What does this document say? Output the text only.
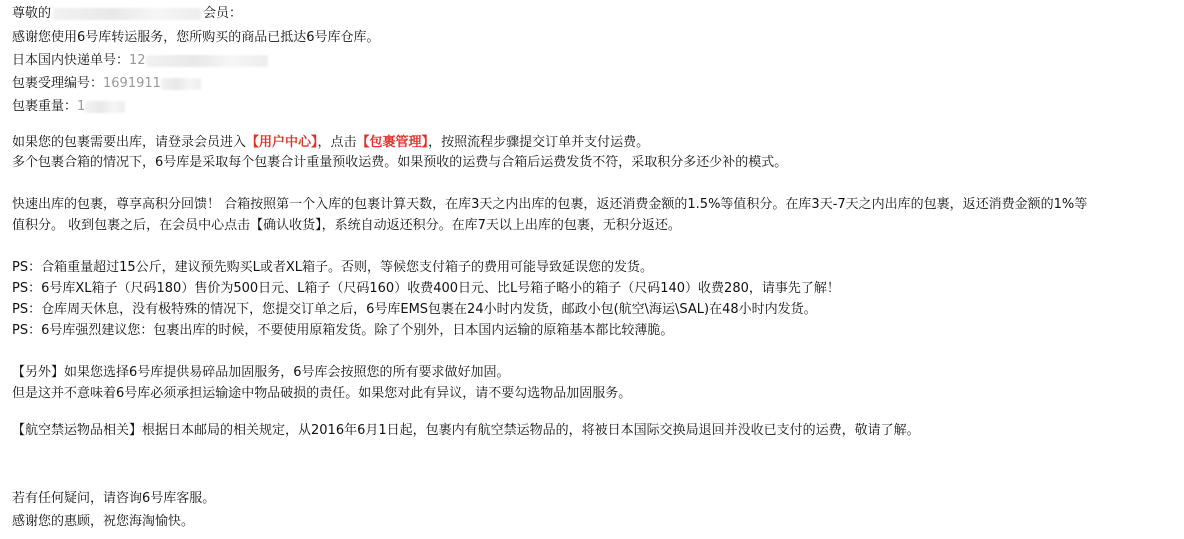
尊敬的	会员：
感谢您使用6号库转运服务，您所购买的商品已抵达6号库仓库。
日本国内快递单号：12
包裹受理编号：1691911
包裹重量：1
如果您的包裹需要出库，请登录会员进入【用户中心】，点击【包裹管理】，按照流程步骤提交订单并支付运费。
多个包裹合箱的情况下，6号库是采取每个包裹合计重量预收运费。如果预收的运费与合箱后运费发货不符，采取积分多还少补的模式。
快速出库的包裹，尊享高积分回馈！ 合箱按照第一个入库的包裹计算天数，在库3天之内出库的包裹，返还消费金额的1.5%等值积分。在库3天-7天之内出库的包裹，返还消费金额的1%等
值积分。 收到包裹之后，在会员中心点击【确认收货】，系统自动返还积分。在库7天以上出库的包裹，无积分返还。
PS：合箱重量超过15公斤，建议预先购买L或者XL箱子。否则，等候您支付箱子的费用可能导致延误您的发货。
PS：6号库XL箱子（尺码180）售价为500日元、L箱子（尺码160）收费400日元、比L号箱子略小的箱子（尺码140）收费280，请事先了解！
PS：仓库周天休息，没有极特殊的情况下，您提交订单之后，6号库EMS包裹在24小时内发货，邮政小包(航空\海运\SAL)在48小时内发货。
PS：6号库强烈建议您：包裹出库的时候，不要使用原箱发货。除了个别外，日本国内运输的原箱基本都比较薄脆。
【另外】如果您选择6号库提供易碎品加固服务，6号库会按照您的所有要求做好加固。
但是这并不意味着6号库必须承担运输途中物品破损的责任。如果您对此有异议，请不要勾选物品加固服务。
【航空禁运物品相关】根据日本邮局的相关规定，从2016年6月1日起，包裹内有航空禁运物品的，将被日本国际交换局退回并没收已支付的运费，敬请了解。
若有任何疑问，请咨询6号库客服。
感谢您的惠顾，祝您海淘愉快。
